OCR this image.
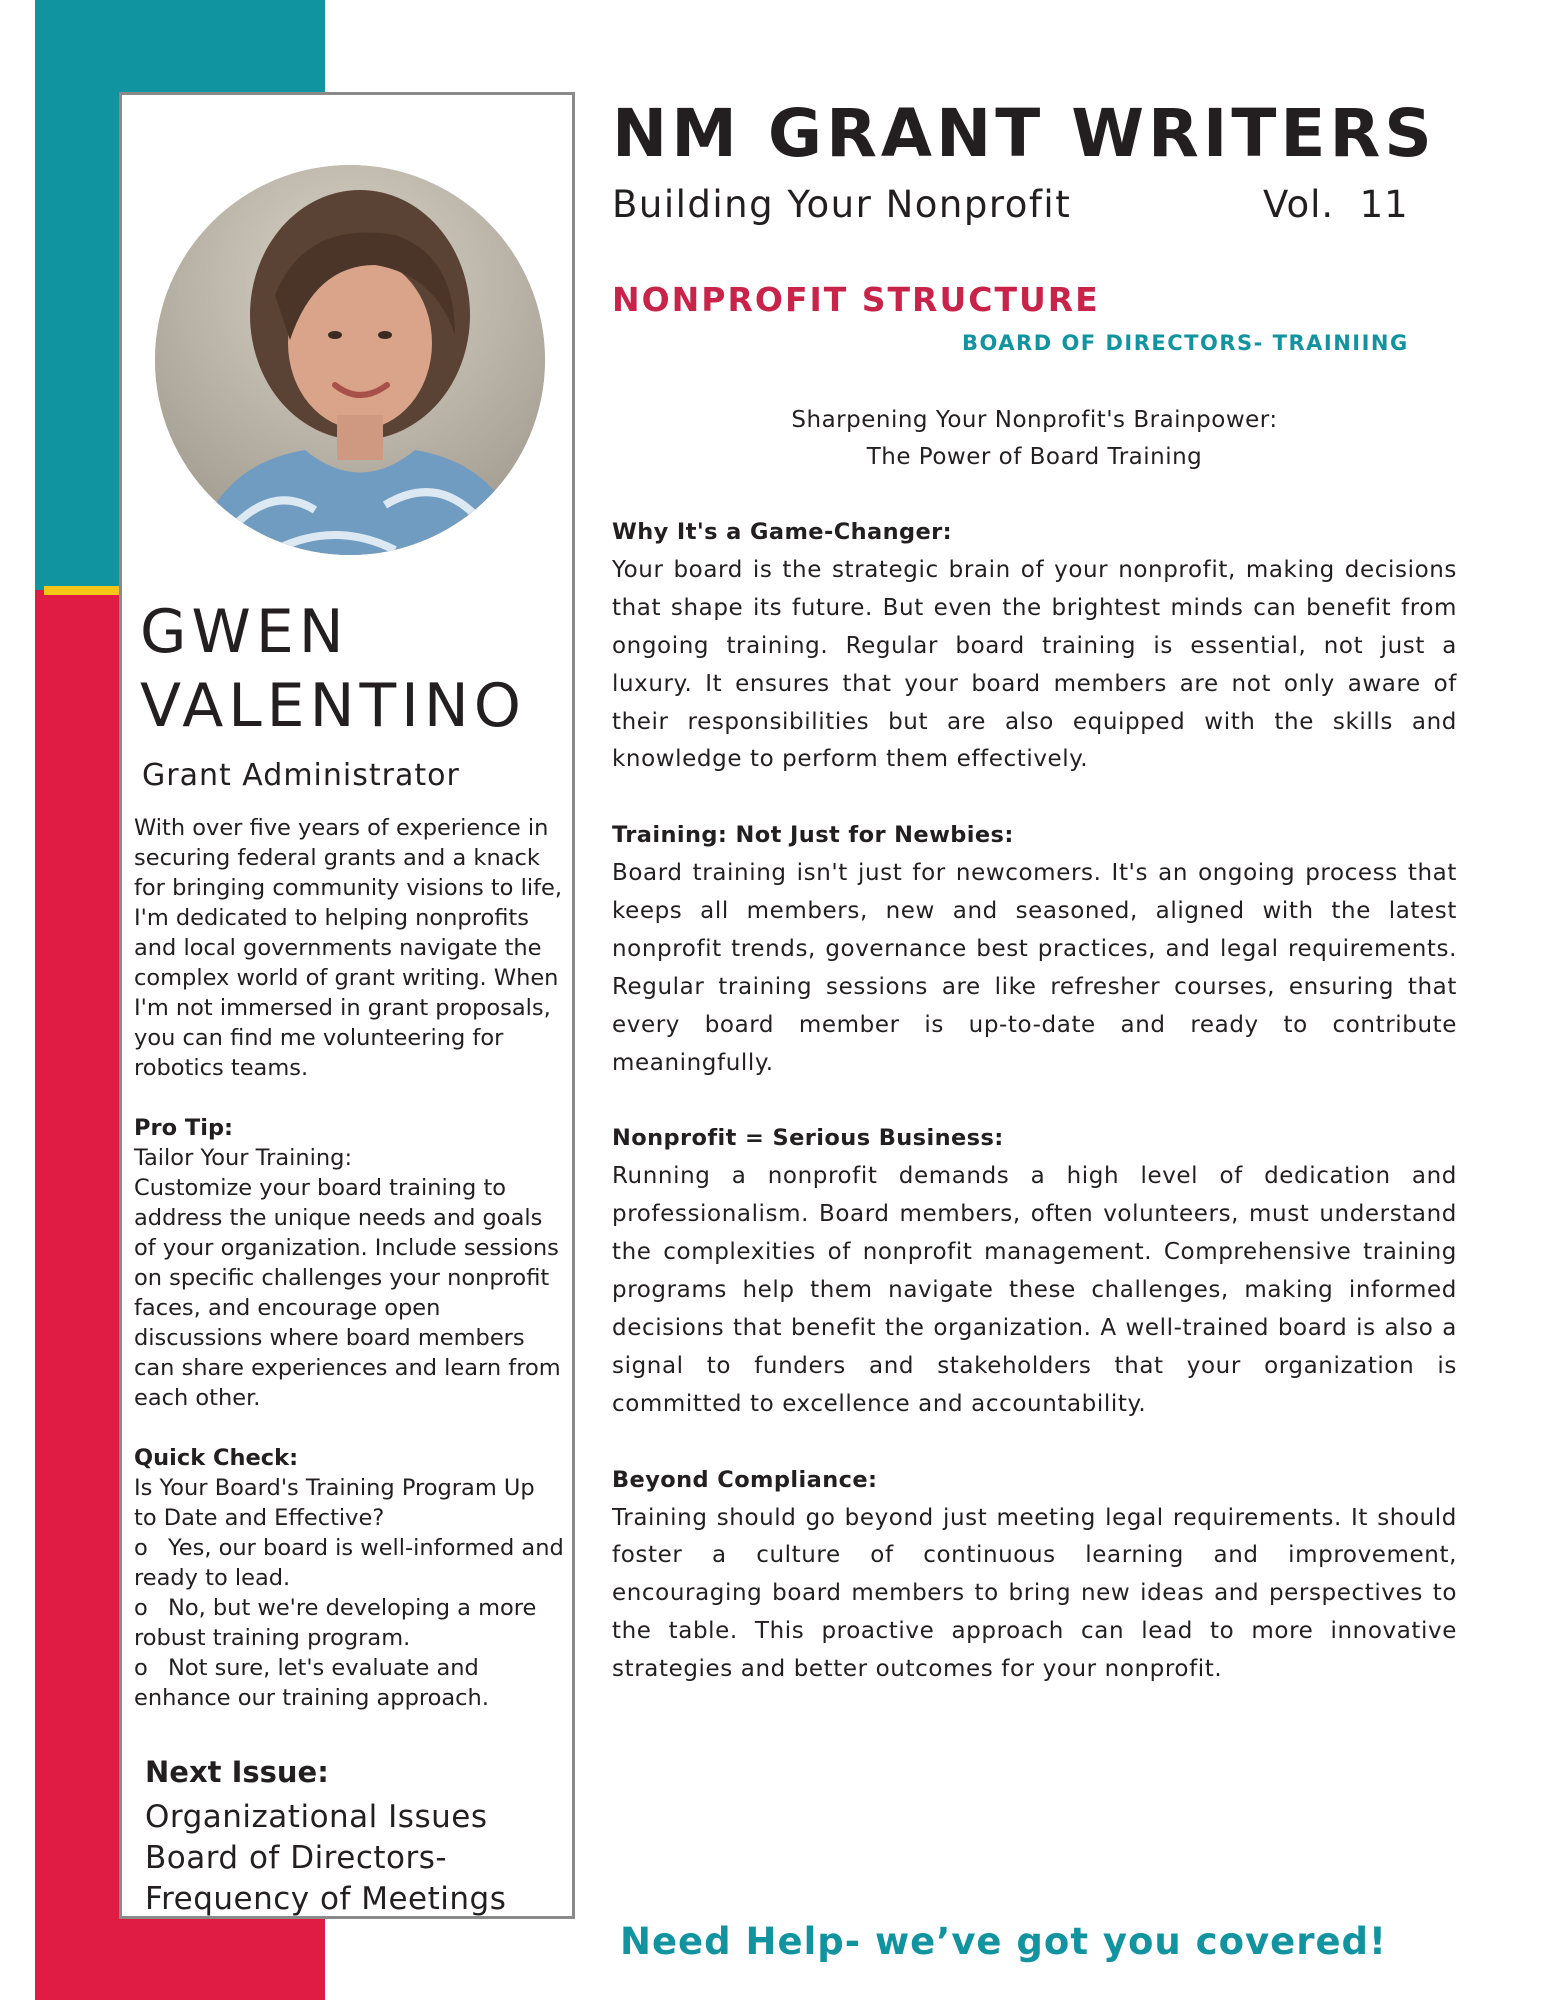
GWEN
VALENTINO
Grant Administrator

With over five years of experience in securing federal grants and a knack for bringing community visions to life, I'm dedicated to helping nonprofits and local governments navigate the complex world of grant writing. When I'm not immersed in grant proposals, you can find me volunteering for robotics teams.

Pro Tip:

Tailor Your Training:

Customize your board training to address the unique needs and goals of your organization. Include sessions on specific challenges your nonprofit faces, and encourage open discussions where board members can share experiences and learn from each other.

Quick Check:

Is Your Board's Training Program Up to Date and Effective?

o Yes, our board is well-informed and ready to lead.

o No, but we're developing a more robust training program.

o Not sure, let's evaluate and enhance our training approach.

Next Issue:
Organizational Issues
Board of Directors-
Frequency of Meetings
NM GRANT WRITERS
Building Your Nonprofit	Vol.  11
NONPROFIT STRUCTURE
BOARD OF DIRECTORS- TRAINIING
Sharpening Your Nonprofit's Brainpower:
The Power of Board Training
Why It's a Game-Changer:

Your board is the strategic brain of your nonprofit, making decisions that shape its future. But even the brightest minds can benefit from ongoing training. Regular board training is essential, not just a luxury. It ensures that your board members are not only aware of their responsibilities but are also equipped with the skills and knowledge to perform them effectively.

Training: Not Just for Newbies:

Board training isn't just for newcomers. It's an ongoing process that keeps all members, new and seasoned, aligned with the latest nonprofit trends, governance best practices, and legal requirements. Regular training sessions are like refresher courses, ensuring that every board member is up-to-date and ready to contribute meaningfully.

Nonprofit = Serious Business:

Running a nonprofit demands a high level of dedication and professionalism. Board members, often volunteers, must understand the complexities of nonprofit management. Comprehensive training programs help them navigate these challenges, making informed decisions that benefit the organization. A well-trained board is also a signal to funders and stakeholders that your organization is committed to excellence and accountability.

Beyond Compliance:

Training should go beyond just meeting legal requirements. It should foster a culture of continuous learning and improvement, encouraging board members to bring new ideas and perspectives to the table. This proactive approach can lead to more innovative strategies and better outcomes for your nonprofit.

Need Help- we’ve got you covered!
